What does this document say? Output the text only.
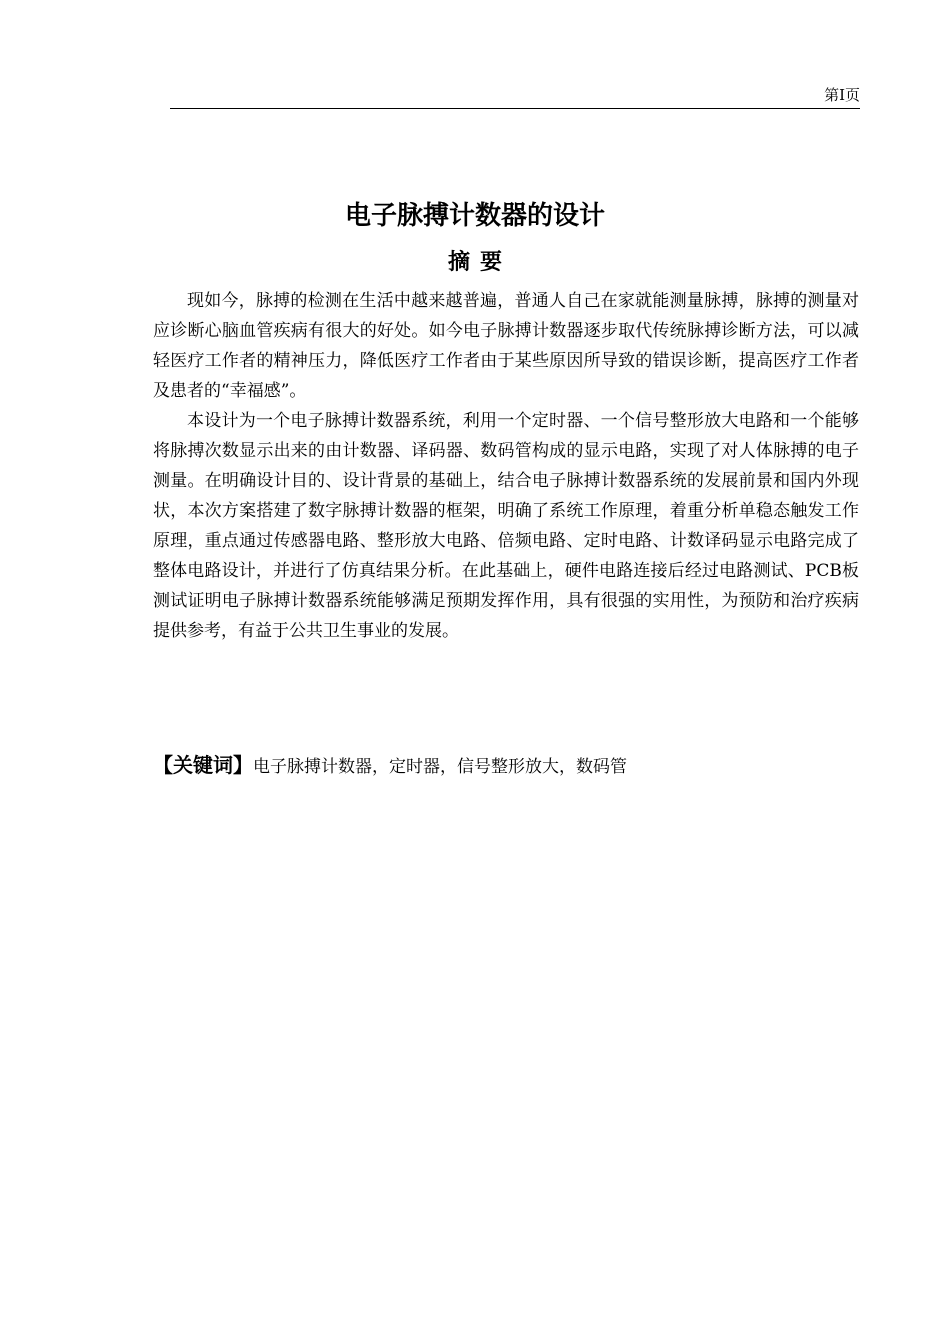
第I页
电子脉搏计数器的设计
摘要

现如今，脉搏的检测在生活中越来越普遍，普通人自己在家就能测量脉搏，脉搏的测量对应诊断心脑血管疾病有很大的好处。如今电子脉搏计数器逐步取代传统脉搏诊断方法，可以减轻医疗工作者的精神压力，降低医疗工作者由于某些原因所导致的错误诊断，提高医疗工作者及患者的“幸福感”。

本设计为一个电子脉搏计数器系统，利用一个定时器、一个信号整形放大电路和一个能够将脉搏次数显示出来的由计数器、译码器、数码管构成的显示电路，实现了对人体脉搏的电子测量。在明确设计目的、设计背景的基础上，结合电子脉搏计数器系统的发展前景和国内外现状，本次方案搭建了数字脉搏计数器的框架，明确了系统工作原理，着重分析单稳态触发工作原理，重点通过传感器电路、整形放大电路、倍频电路、定时电路、计数译码显示电路完成了整体电路设计，并进行了仿真结果分析。在此基础上，硬件电路连接后经过电路测试、PCB板测试证明电子脉搏计数器系统能够满足预期发挥作用，具有很强的实用性，为预防和治疗疾病提供参考，有益于公共卫生事业的发展。

【关键词】电子脉搏计数器，定时器，信号整形放大，数码管
